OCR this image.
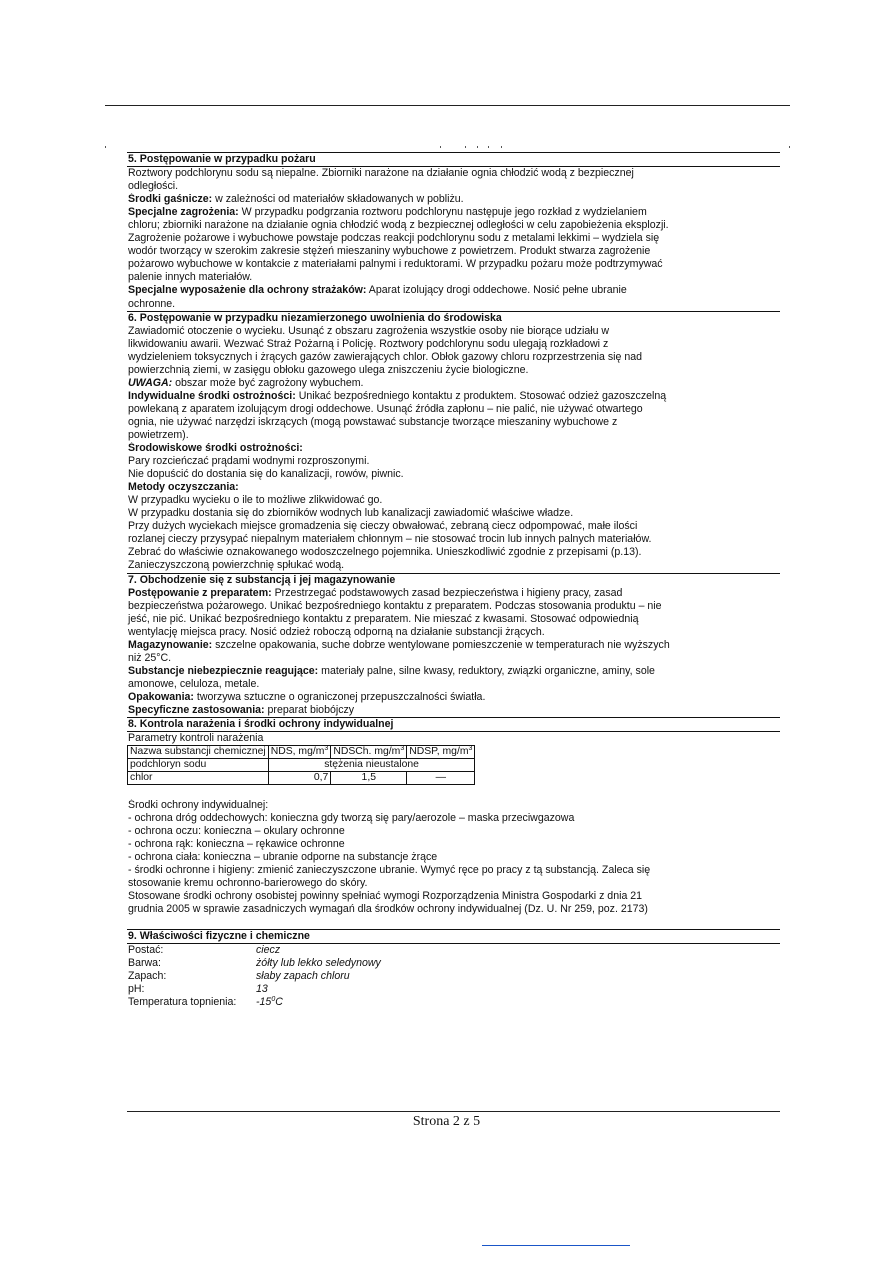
5. Postępowanie w przypadku pożaru
Roztwory podchlorynu sodu są niepalne. Zbiorniki narażone na działanie ognia chłodzić wodą z bezpiecznej
odległości.
Środki gaśnicze: w zależności od materiałów składowanych w pobliżu.
Specjalne zagrożenia: W przypadku podgrzania roztworu podchlorynu następuje jego rozkład z wydzielaniem
chloru; zbiorniki narażone na działanie ognia chłodzić wodą z bezpiecznej odległości w celu zapobieżenia eksplozji.
Zagrożenie pożarowe i wybuchowe powstaje podczas reakcji podchlorynu sodu z metalami lekkimi – wydziela się
wodór tworzący w szerokim zakresie stężeń mieszaniny wybuchowe z powietrzem. Produkt stwarza zagrożenie
pożarowo wybuchowe w kontakcie z materiałami palnymi i reduktorami. W przypadku pożaru może podtrzymywać
palenie innych materiałów.
Specjalne wyposażenie dla ochrony strażaków: Aparat izolujący drogi oddechowe. Nosić pełne ubranie
ochronne.
6. Postępowanie w przypadku niezamierzonego uwolnienia do środowiska
Zawiadomić otoczenie o wycieku. Usunąć z obszaru zagrożenia wszystkie osoby nie biorące udziału w
likwidowaniu awarii. Wezwać Straż Pożarną i Policję. Roztwory podchlorynu sodu ulegają rozkładowi z
wydzieleniem toksycznych i żrących gazów zawierających chlor. Obłok gazowy chloru rozprzestrzenia się nad
powierzchnią ziemi, w zasięgu obłoku gazowego ulega zniszczeniu życie biologiczne.
UWAGA: obszar może być zagrożony wybuchem.
Indywidualne środki ostrożności: Unikać bezpośredniego kontaktu z produktem. Stosować odzież gazoszczelną
powlekaną z aparatem izolującym drogi oddechowe. Usunąć źródła zapłonu – nie palić, nie używać otwartego
ognia, nie używać narzędzi iskrzących (mogą powstawać substancje tworzące mieszaniny wybuchowe z
powietrzem).
Środowiskowe środki ostrożności:
Pary rozcieńczać prądami wodnymi rozproszonymi.
Nie dopuścić do dostania się do kanalizacji, rowów, piwnic.
Metody oczyszczania:
W przypadku wycieku o ile to możliwe zlikwidować go.
W przypadku dostania się do zbiorników wodnych lub kanalizacji zawiadomić właściwe władze.
Przy dużych wyciekach miejsce gromadzenia się cieczy obwałować, zebraną ciecz odpompować, małe ilości
rozlanej cieczy przysypać niepalnym materiałem chłonnym – nie stosować trocin lub innych palnych materiałów.
Zebrać do właściwie oznakowanego wodoszczelnego pojemnika. Unieszkodliwić zgodnie z przepisami (p.13).
Zanieczyszczoną powierzchnię spłukać wodą.
7. Obchodzenie się z substancją i jej magazynowanie
Postępowanie z preparatem: Przestrzegać podstawowych zasad bezpieczeństwa i higieny pracy, zasad
bezpieczeństwa pożarowego. Unikać bezpośredniego kontaktu z preparatem. Podczas stosowania produktu – nie
jeść, nie pić. Unikać bezpośredniego kontaktu z preparatem. Nie mieszać z kwasami. Stosować odpowiednią
wentylację miejsca pracy. Nosić odzież roboczą odporną na działanie substancji żrących.
Magazynowanie: szczelne opakowania, suche dobrze wentylowane pomieszczenie w temperaturach nie wyższych
niż 25°C.
Substancje niebezpiecznie reagujące: materiały palne, silne kwasy, reduktory, związki organiczne, aminy, sole
amonowe, celuloza, metale.
Opakowania: tworzywa sztuczne o ograniczonej przepuszczalności światła.
Specyficzne zastosowania: preparat biobójczy
8. Kontrola narażenia i środki ochrony indywidualnej
Parametry kontroli narażenia
Nazwa substancji chemicznej	NDS, $mg/m^3$	NDSCh. $mg/m^3$	NDSP, $mg/m^3$
podchloryn sodu	stężenia nieustalone		
chlor	0,7	1,5	—
Środki ochrony indywidualnej:
- ochrona dróg oddechowych: konieczna gdy tworzą się pary/aerozole – maska przeciwgazowa
- ochrona oczu: konieczna – okulary ochronne
- ochrona rąk: konieczna – rękawice ochronne
- ochrona ciała: konieczna – ubranie odporne na substancje żrące
- środki ochronne i higieny: zmienić zanieczyszczone ubranie. Wymyć ręce po pracy z tą substancją. Zaleca się
stosowanie kremu ochronno-barierowego do skóry.
Stosowane środki ochrony osobistej powinny spełniać wymogi Rozporządzenia Ministra Gospodarki z dnia 21
grudnia 2005 w sprawie zasadniczych wymagań dla środków ochrony indywidualnej (Dz. U. Nr 259, poz. 2173)
9. Właściwości fizyczne i chemiczne
Postać:	ciecz
Barwa:	żółty lub lekko seledynowy
Zapach:	słaby zapach chloru
pH:	13
Temperatura topnienia:	$-15^0C$
Strona 2 z 5
